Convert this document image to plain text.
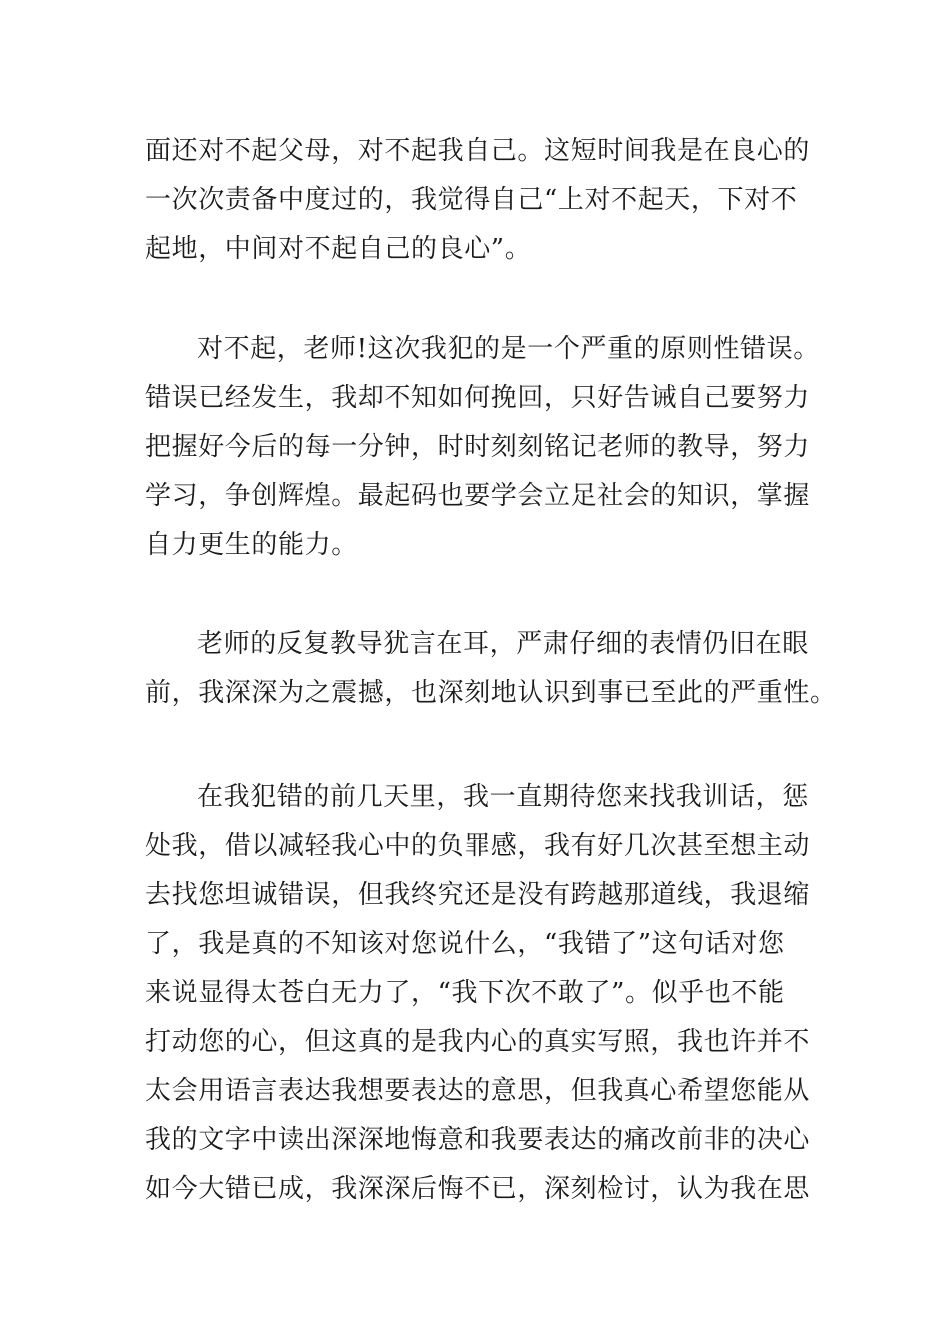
面还对不起父母，对不起我自己。这短时间我是在良心的
一次次责备中度过的，我觉得自己“上对不起天，下对不
起地，中间对不起自己的良心”。
对不起，老师!这次我犯的是一个严重的原则性错误。
错误已经发生，我却不知如何挽回，只好告诫自己要努力
把握好今后的每一分钟，时时刻刻铭记老师的教导，努力
学习，争创辉煌。最起码也要学会立足社会的知识，掌握
自力更生的能力。
老师的反复教导犹言在耳，严肃仔细的表情仍旧在眼
前，我深深为之震撼，也深刻地认识到事已至此的严重性。
在我犯错的前几天里，我一直期待您来找我训话，惩
处我，借以减轻我心中的负罪感，我有好几次甚至想主动
去找您坦诚错误，但我终究还是没有跨越那道线，我退缩
了，我是真的不知该对您说什么，“我错了”这句话对您
来说显得太苍白无力了，“我下次不敢了”。似乎也不能
打动您的心，但这真的是我内心的真实写照，我也许并不
太会用语言表达我想要表达的意思，但我真心希望您能从
我的文字中读出深深地悔意和我要表达的痛改前非的决心
如今大错已成，我深深后悔不已，深刻检讨，认为我在思
